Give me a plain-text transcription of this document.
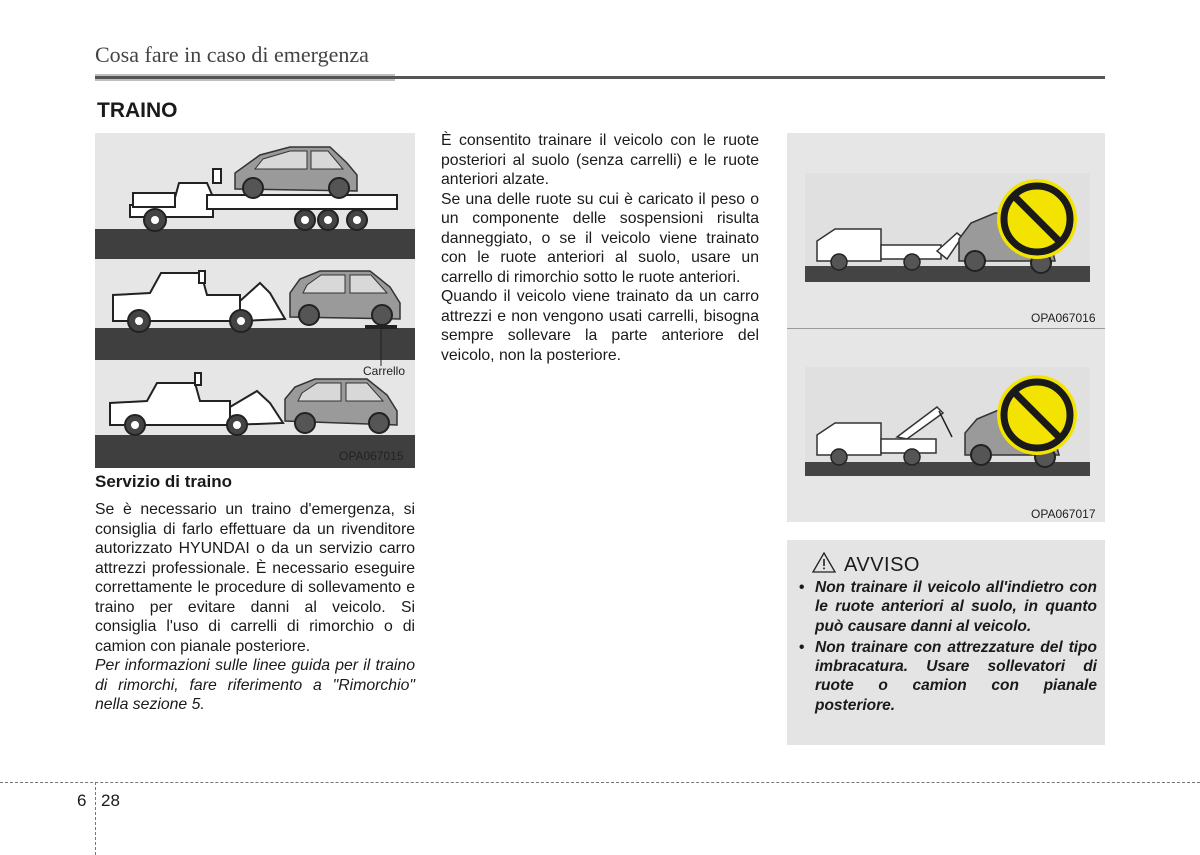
Cosa fare in caso di emergenza
TRAINO
Carrello
OPA067015
Servizio di traino

Se è necessario un traino d'emergenza, si consiglia di farlo effettuare da un rivenditore autorizzato HYUNDAI o da un servizio carro attrezzi professionale. È necessario eseguire correttamente le procedure di sollevamento e traino per evitare danni al veicolo. Si consiglia l'uso di carrelli di rimorchio o di camion con pianale posteriore.

Per informazioni sulle linee guida per il traino di rimorchi, fare riferimento a "Rimorchio" nella sezione 5.

È consentito trainare il veicolo con le ruote posteriori al suolo (senza carrelli) e le ruote anteriori alzate.

Se una delle ruote su cui è caricato il peso o un componente delle sospensioni risulta danneggiato, o se il veicolo viene trainato con le ruote anteriori al suolo, usare un carrello di rimorchio sotto le ruote anteriori.

Quando il veicolo viene trainato da un carro attrezzi e non vengono usati carrelli, bisogna sempre sollevare la parte anteriore del veicolo, non la posteriore.

OPA067016
OPA067017
AVVISO
• Non trainare il veicolo all'indietro con le ruote anteriori al suolo, in quanto può causare danni al veicolo.
• Non trainare con attrezzature del tipo imbracatura. Usare sollevatori di ruote o camion con pianale posteriore.
6 28
